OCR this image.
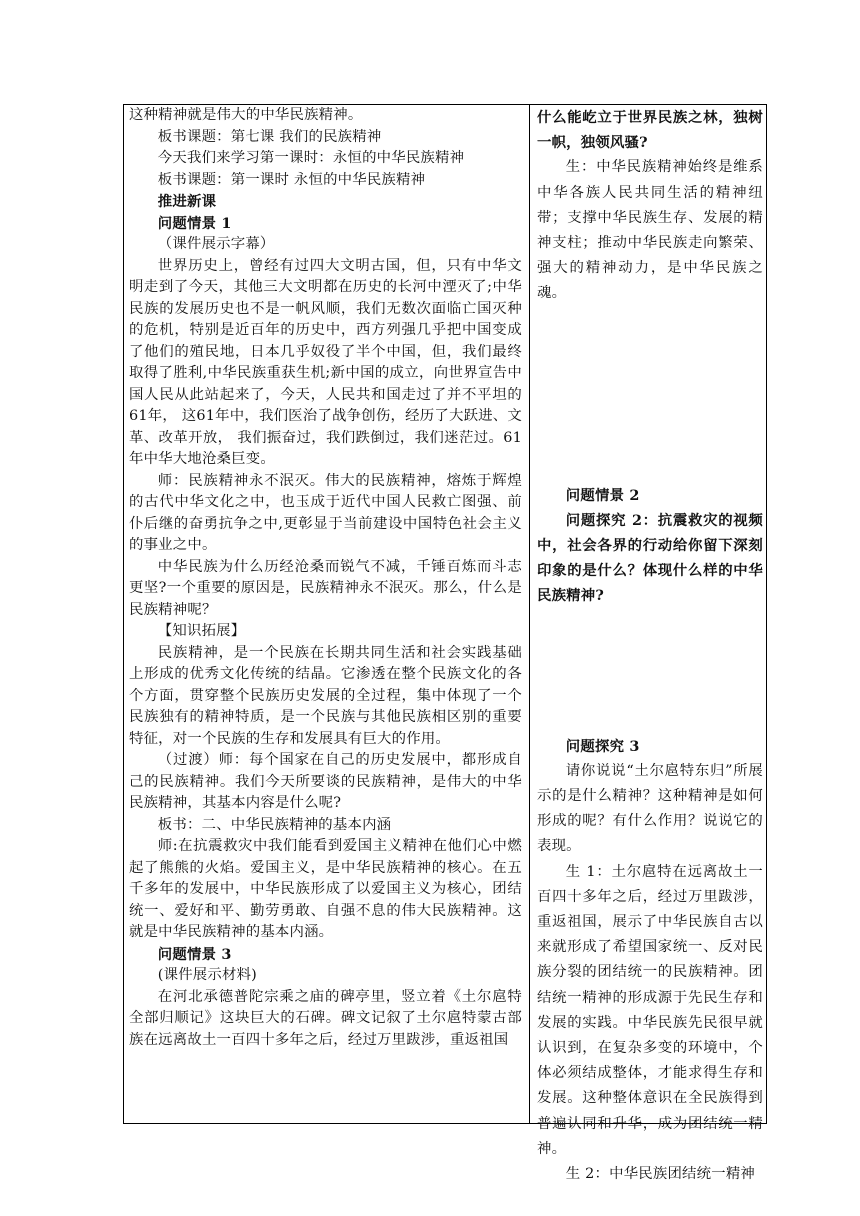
这种精神就是伟大的中华民族精神。

板书课题：第七课 我们的民族精神

今天我们来学习第一课时：永恒的中华民族精神

板书课题：第一课时 永恒的中华民族精神

推进新课

问题情景 1

（课件展示字幕）

世界历史上，曾经有过四大文明古国，但，只有中华文明走到了今天，其他三大文明都在历史的长河中湮灭了;中华民族的发展历史也不是一帆风顺，我们无数次面临亡国灭种的危机，特别是近百年的历史中，西方列强几乎把中国变成了他们的殖民地，日本几乎奴役了半个中国，但，我们最终取得了胜利,中华民族重获生机;新中国的成立，向世界宣告中国人民从此站起来了，今天，人民共和国走过了并不平坦的61年， 这61年中，我们医治了战争创伤，经历了大跃进、文革、改革开放， 我们振奋过，我们跌倒过，我们迷茫过。61年中华大地沧桑巨变。

师：民族精神永不泯灭。伟大的民族精神，熔炼于辉煌的古代中华文化之中，也玉成于近代中国人民救亡图强、前仆后继的奋勇抗争之中,更彰显于当前建设中国特色社会主义的事业之中。

中华民族为什么历经沧桑而锐气不减，千锤百炼而斗志更坚?一个重要的原因是，民族精神永不泯灭。那么，什么是民族精神呢？

【知识拓展】

民族精神，是一个民族在长期共同生活和社会实践基础上形成的优秀文化传统的结晶。它渗透在整个民族文化的各个方面，贯穿整个民族历史发展的全过程，集中体现了一个民族独有的精神特质，是一个民族与其他民族相区别的重要特征，对一个民族的生存和发展具有巨大的作用。

（过渡）师：每个国家在自己的历史发展中，都形成自己的民族精神。我们今天所要谈的民族精神，是伟大的中华民族精神，其基本内容是什么呢?

板书：二、中华民族精神的基本内涵

师:在抗震救灾中我们能看到爱国主义精神在他们心中燃起了熊熊的火焰。爱国主义，是中华民族精神的核心。在五千多年的发展中，中华民族形成了以爱国主义为核心，团结统一、爱好和平、勤劳勇敢、自强不息的伟大民族精神。这就是中华民族精神的基本内涵。

问题情景 3

(课件展示材料)

在河北承德普陀宗乘之庙的碑亭里，竖立着《土尔扈特全部归顺记》这块巨大的石碑。碑文记叙了土尔扈特蒙古部族在远离故土一百四十多年之后，经过万里跋涉，重返祖国

什么能屹立于世界民族之林，独树一帜，独领风骚?

生：中华民族精神始终是维系中华各族人民共同生活的精神纽带；支撑中华民族生存、发展的精神支柱；推动中华民族走向繁荣、强大的精神动力，是中华民族之魂。

问题情景 2

问题探究 2：抗震救灾的视频中，社会各界的行动给你留下深刻印象的是什么？体现什么样的中华民族精神?

问题探究 3

请你说说“土尔扈特东归”所展示的是什么精神？这种精神是如何形成的呢？有什么作用？说说它的表现。

生 1：土尔扈特在远离故土一百四十多年之后，经过万里跋涉，重返祖国，展示了中华民族自古以来就形成了希望国家统一、反对民族分裂的团结统一的民族精神。团结统一精神的形成源于先民生存和发展的实践。中华民族先民很早就认识到，在复杂多变的环境中，个体必须结成整体，才能求得生存和发展。这种整体意识在全民族得到普遍认同和升华，成为团结统一精神。

生 2：中华民族团结统一精神
